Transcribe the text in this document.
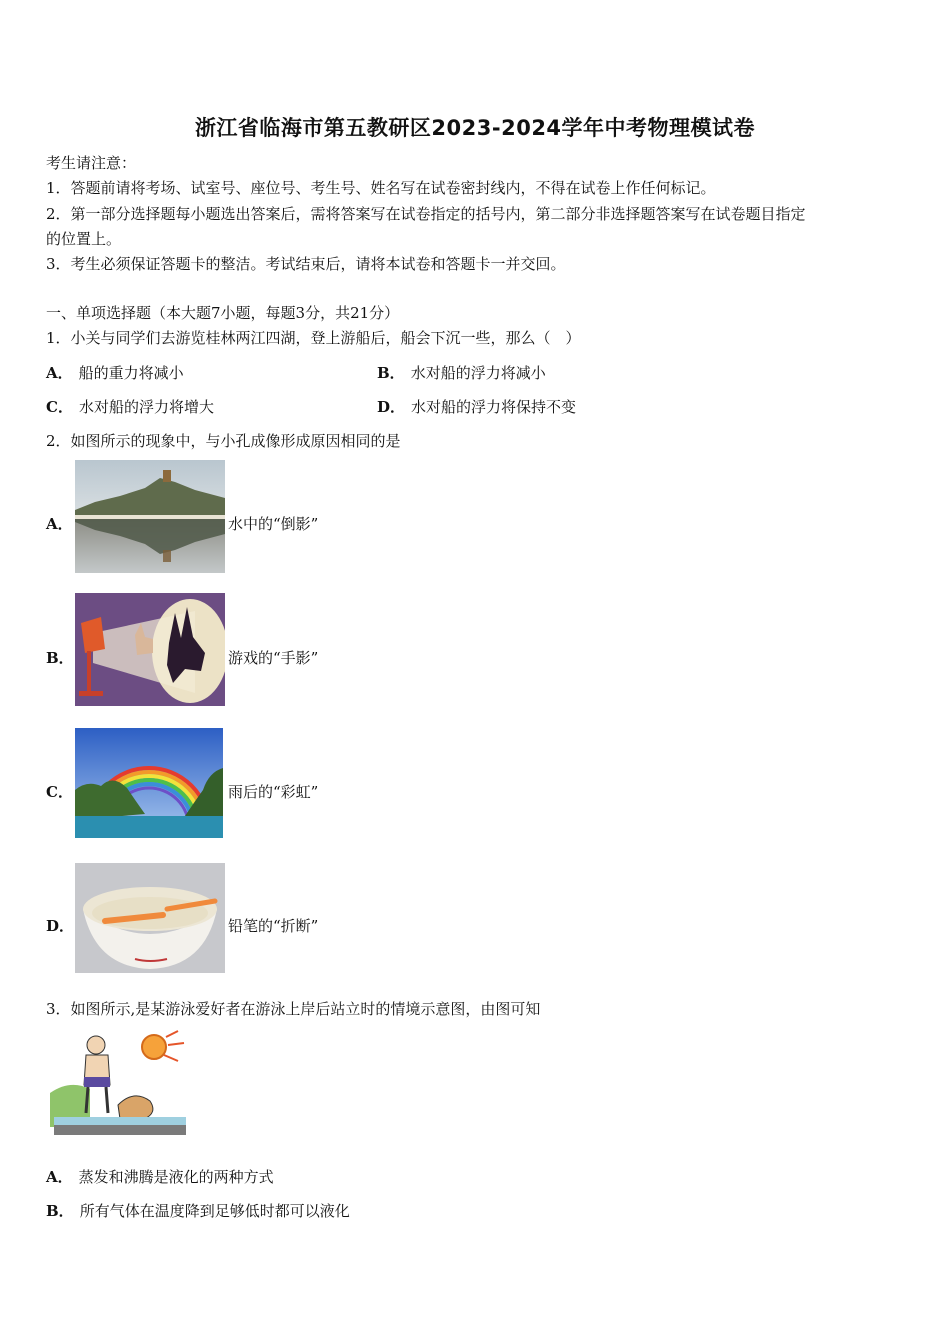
浙江省临海市第五教研区2023-2024学年中考物理模试卷
考生请注意：
1．答题前请将考场、试室号、座位号、考生号、姓名写在试卷密封线内，不得在试卷上作任何标记。
2．第一部分选择题每小题选出答案后，需将答案写在试卷指定的括号内，第二部分非选择题答案写在试卷题目指定
的位置上。
3．考生必须保证答题卡的整洁。考试结束后，请将本试卷和答题卡一并交回。
一、单项选择题（本大题7小题，每题3分，共21分）
1．小关与同学们去游览桂林两江四湖，登上游船后，船会下沉一些，那么（　）
A． 船的重力将减小	B． 水对船的浮力将减小
C． 水对船的浮力将增大	D． 水对船的浮力将保持不变
2．如图所示的现象中，与小孔成像形成原因相同的是
A．	水中的“倒影”
B．	游戏的“手影”
C．	雨后的“彩虹”
D．	铅笔的“折断”
3．如图所示,是某游泳爱好者在游泳上岸后站立时的情境示意图，由图可知
A． 蒸发和沸腾是液化的两种方式
B． 所有气体在温度降到足够低时都可以液化
